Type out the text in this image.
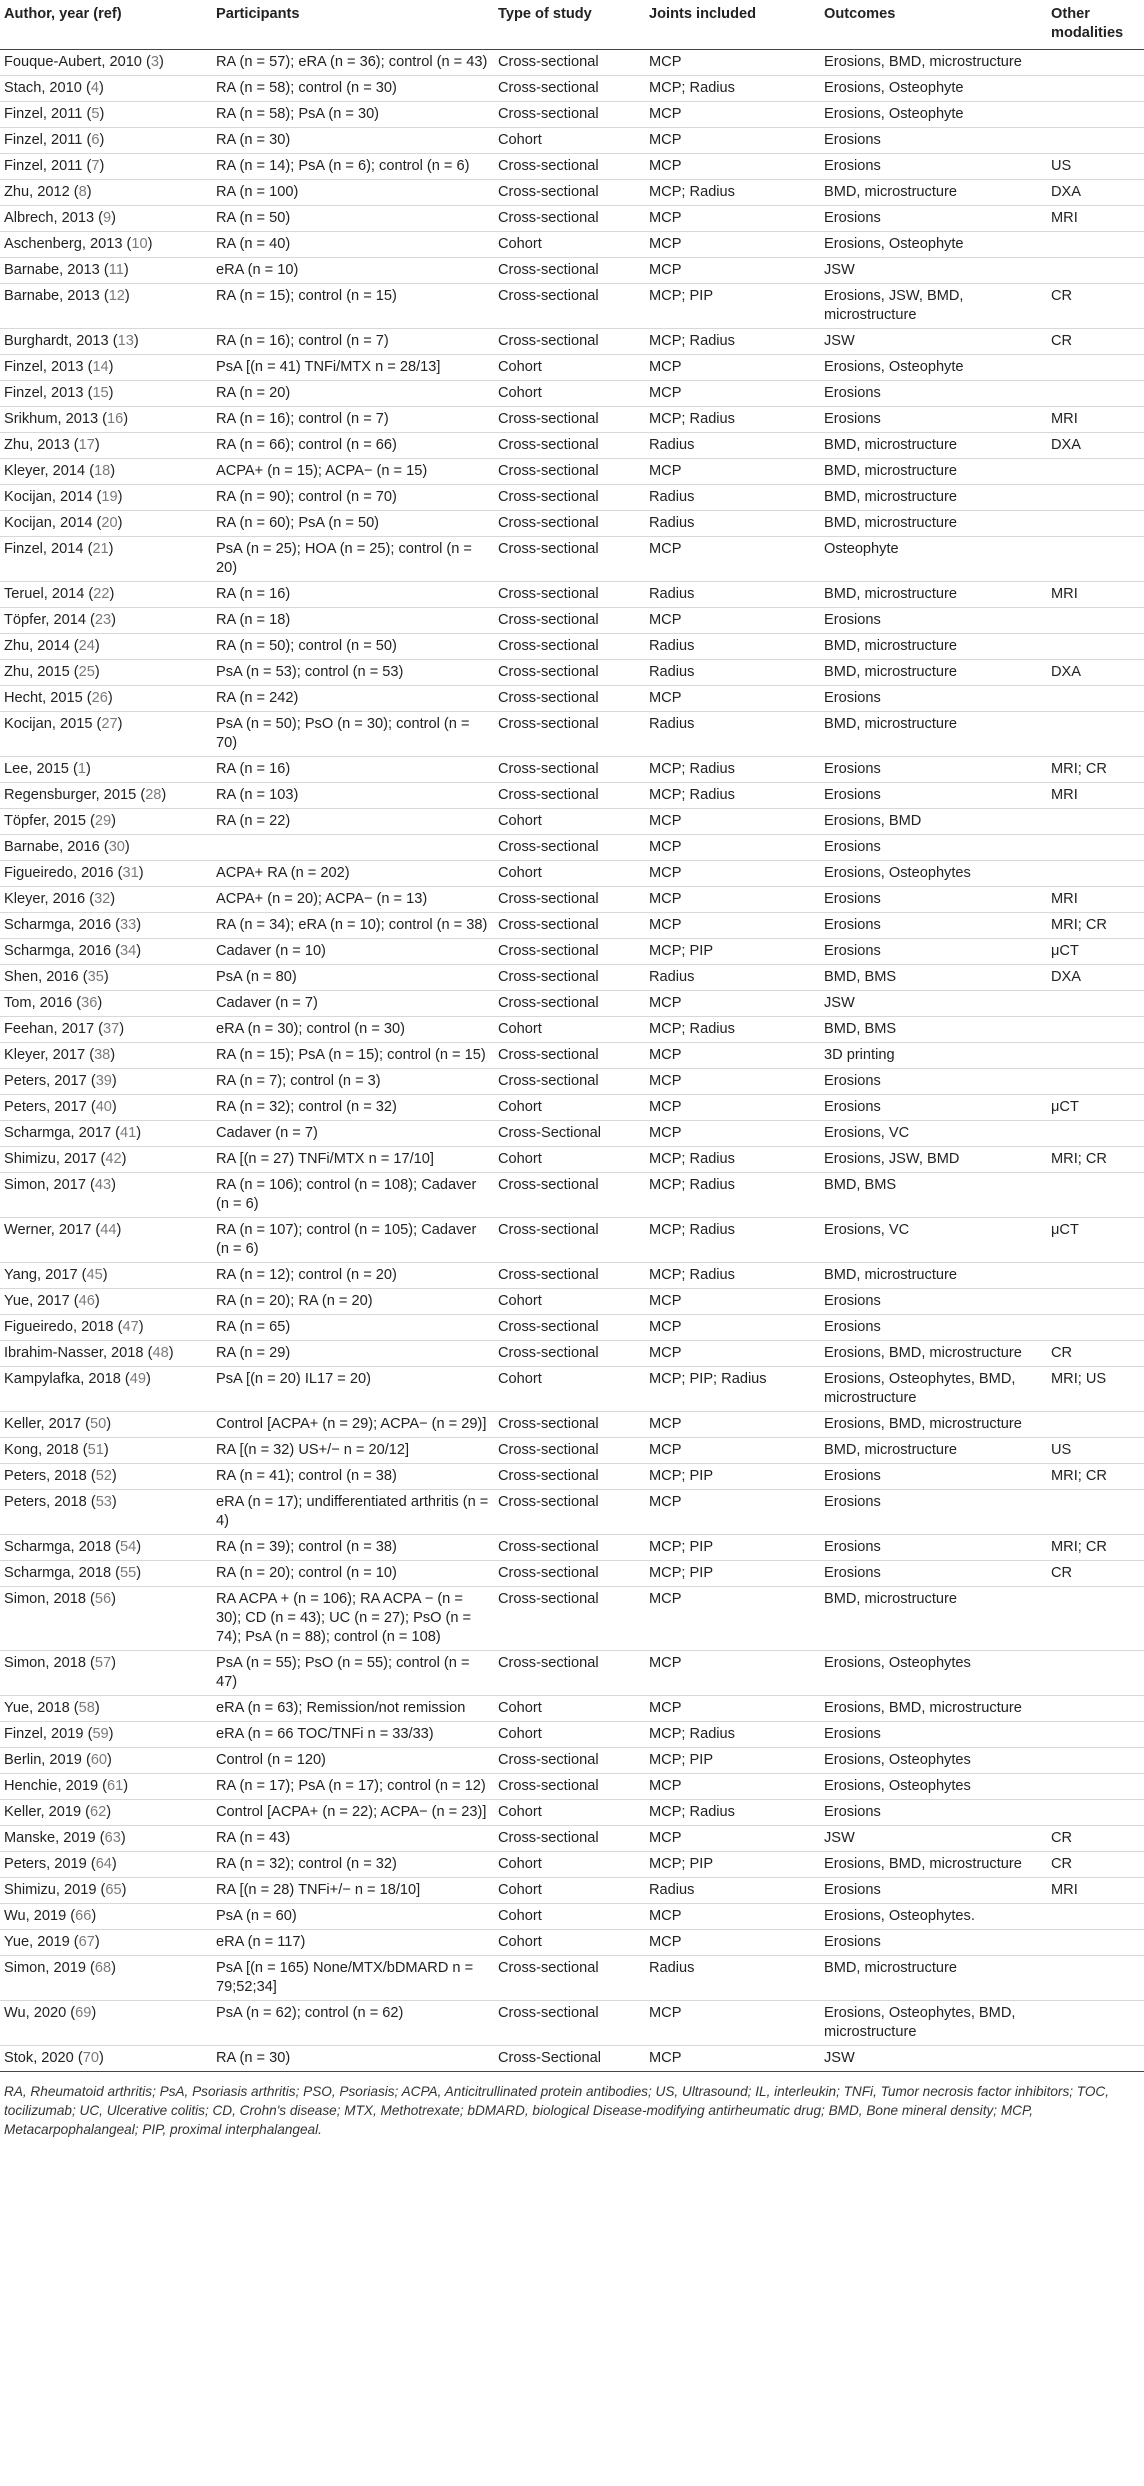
Author, year (ref)	Participants	Type of study	Joints included	Outcomes	Other modalities
Fouque-Aubert, 2010 (3)	RA (n = 57); eRA (n = 36); control (n = 43)	Cross-sectional	MCP	Erosions, BMD, microstructure	
Stach, 2010 (4)	RA (n = 58); control (n = 30)	Cross-sectional	MCP; Radius	Erosions, Osteophyte	
Finzel, 2011 (5)	RA (n = 58); PsA (n = 30)	Cross-sectional	MCP	Erosions, Osteophyte	
Finzel, 2011 (6)	RA (n = 30)	Cohort	MCP	Erosions	
Finzel, 2011 (7)	RA (n = 14); PsA (n = 6); control (n = 6)	Cross-sectional	MCP	Erosions	US
Zhu, 2012 (8)	RA (n = 100)	Cross-sectional	MCP; Radius	BMD, microstructure	DXA
Albrech, 2013 (9)	RA (n = 50)	Cross-sectional	MCP	Erosions	MRI
Aschenberg, 2013 (10)	RA (n = 40)	Cohort	MCP	Erosions, Osteophyte	
Barnabe, 2013 (11)	eRA (n = 10)	Cross-sectional	MCP	JSW	
Barnabe, 2013 (12)	RA (n = 15); control (n = 15)	Cross-sectional	MCP; PIP	Erosions, JSW, BMD, microstructure	CR
Burghardt, 2013 (13)	RA (n = 16); control (n = 7)	Cross-sectional	MCP; Radius	JSW	CR
Finzel, 2013 (14)	PsA [(n = 41) TNFi/MTX n = 28/13]	Cohort	MCP	Erosions, Osteophyte	
Finzel, 2013 (15)	RA (n = 20)	Cohort	MCP	Erosions	
Srikhum, 2013 (16)	RA (n = 16); control (n = 7)	Cross-sectional	MCP; Radius	Erosions	MRI
Zhu, 2013 (17)	RA (n = 66); control (n = 66)	Cross-sectional	Radius	BMD, microstructure	DXA
Kleyer, 2014 (18)	ACPA+ (n = 15); ACPA− (n = 15)	Cross-sectional	MCP	BMD, microstructure	
Kocijan, 2014 (19)	RA (n = 90); control (n = 70)	Cross-sectional	Radius	BMD, microstructure	
Kocijan, 2014 (20)	RA (n = 60); PsA (n = 50)	Cross-sectional	Radius	BMD, microstructure	
Finzel, 2014 (21)	PsA (n = 25); HOA (n = 25); control (n = 20)	Cross-sectional	MCP	Osteophyte	
Teruel, 2014 (22)	RA (n = 16)	Cross-sectional	Radius	BMD, microstructure	MRI
Töpfer, 2014 (23)	RA (n = 18)	Cross-sectional	MCP	Erosions	
Zhu, 2014 (24)	RA (n = 50); control (n = 50)	Cross-sectional	Radius	BMD, microstructure	
Zhu, 2015 (25)	PsA (n = 53); control (n = 53)	Cross-sectional	Radius	BMD, microstructure	DXA
Hecht, 2015 (26)	RA (n = 242)	Cross-sectional	MCP	Erosions	
Kocijan, 2015 (27)	PsA (n = 50); PsO (n = 30); control (n = 70)	Cross-sectional	Radius	BMD, microstructure	
Lee, 2015 (1)	RA (n = 16)	Cross-sectional	MCP; Radius	Erosions	MRI; CR
Regensburger, 2015 (28)	RA (n = 103)	Cross-sectional	MCP; Radius	Erosions	MRI
Töpfer, 2015 (29)	RA (n = 22)	Cohort	MCP	Erosions, BMD	
Barnabe, 2016 (30)		Cross-sectional	MCP	Erosions	
Figueiredo, 2016 (31)	ACPA+ RA (n = 202)	Cohort	MCP	Erosions, Osteophytes	
Kleyer, 2016 (32)	ACPA+ (n = 20); ACPA− (n = 13)	Cross-sectional	MCP	Erosions	MRI
Scharmga, 2016 (33)	RA (n = 34); eRA (n = 10); control (n = 38)	Cross-sectional	MCP	Erosions	MRI; CR
Scharmga, 2016 (34)	Cadaver (n = 10)	Cross-sectional	MCP; PIP	Erosions	μCT
Shen, 2016 (35)	PsA (n = 80)	Cross-sectional	Radius	BMD, BMS	DXA
Tom, 2016 (36)	Cadaver (n = 7)	Cross-sectional	MCP	JSW	
Feehan, 2017 (37)	eRA (n = 30); control (n = 30)	Cohort	MCP; Radius	BMD, BMS	
Kleyer, 2017 (38)	RA (n = 15); PsA (n = 15); control (n = 15)	Cross-sectional	MCP	3D printing	
Peters, 2017 (39)	RA (n = 7); control (n = 3)	Cross-sectional	MCP	Erosions	
Peters, 2017 (40)	RA (n = 32); control (n = 32)	Cohort	MCP	Erosions	μCT
Scharmga, 2017 (41)	Cadaver (n = 7)	Cross-Sectional	MCP	Erosions, VC	
Shimizu, 2017 (42)	RA [(n = 27) TNFi/MTX n = 17/10]	Cohort	MCP; Radius	Erosions, JSW, BMD	MRI; CR
Simon, 2017 (43)	RA (n = 106); control (n = 108); Cadaver (n = 6)	Cross-sectional	MCP; Radius	BMD, BMS	
Werner, 2017 (44)	RA (n = 107); control (n = 105); Cadaver (n = 6)	Cross-sectional	MCP; Radius	Erosions, VC	μCT
Yang, 2017 (45)	RA (n = 12); control (n = 20)	Cross-sectional	MCP; Radius	BMD, microstructure	
Yue, 2017 (46)	RA (n = 20); RA (n = 20)	Cohort	MCP	Erosions	
Figueiredo, 2018 (47)	RA (n = 65)	Cross-sectional	MCP	Erosions	
Ibrahim-Nasser, 2018 (48)	RA (n = 29)	Cross-sectional	MCP	Erosions, BMD, microstructure	CR
Kampylafka, 2018 (49)	PsA [(n = 20) IL17 = 20)	Cohort	MCP; PIP; Radius	Erosions, Osteophytes, BMD, microstructure	MRI; US
Keller, 2017 (50)	Control [ACPA+ (n = 29); ACPA− (n = 29)]	Cross-sectional	MCP	Erosions, BMD, microstructure	
Kong, 2018 (51)	RA [(n = 32) US+/− n = 20/12]	Cross-sectional	MCP	BMD, microstructure	US
Peters, 2018 (52)	RA (n = 41); control (n = 38)	Cross-sectional	MCP; PIP	Erosions	MRI; CR
Peters, 2018 (53)	eRA (n = 17); undifferentiated arthritis (n = 4)	Cross-sectional	MCP	Erosions	
Scharmga, 2018 (54)	RA (n = 39); control (n = 38)	Cross-sectional	MCP; PIP	Erosions	MRI; CR
Scharmga, 2018 (55)	RA (n = 20); control (n = 10)	Cross-sectional	MCP; PIP	Erosions	CR
Simon, 2018 (56)	RA ACPA + (n = 106); RA ACPA − (n = 30); CD (n = 43); UC (n = 27); PsO (n = 74); PsA (n = 88); control (n = 108)	Cross-sectional	MCP	BMD, microstructure	
Simon, 2018 (57)	PsA (n = 55); PsO (n = 55); control (n = 47)	Cross-sectional	MCP	Erosions, Osteophytes	
Yue, 2018 (58)	eRA (n = 63); Remission/not remission	Cohort	MCP	Erosions, BMD, microstructure	
Finzel, 2019 (59)	eRA (n = 66 TOC/TNFi n = 33/33)	Cohort	MCP; Radius	Erosions	
Berlin, 2019 (60)	Control (n = 120)	Cross-sectional	MCP; PIP	Erosions, Osteophytes	
Henchie, 2019 (61)	RA (n = 17); PsA (n = 17); control (n = 12)	Cross-sectional	MCP	Erosions, Osteophytes	
Keller, 2019 (62)	Control [ACPA+ (n = 22); ACPA− (n = 23)]	Cohort	MCP; Radius	Erosions	
Manske, 2019 (63)	RA (n = 43)	Cross-sectional	MCP	JSW	CR
Peters, 2019 (64)	RA (n = 32); control (n = 32)	Cohort	MCP; PIP	Erosions, BMD, microstructure	CR
Shimizu, 2019 (65)	RA [(n = 28) TNFi+/− n = 18/10]	Cohort	Radius	Erosions	MRI
Wu, 2019 (66)	PsA (n = 60)	Cohort	MCP	Erosions, Osteophytes.	
Yue, 2019 (67)	eRA (n = 117)	Cohort	MCP	Erosions	
Simon, 2019 (68)	PsA [(n = 165) None/MTX/bDMARD n = 79;52;34]	Cross-sectional	Radius	BMD, microstructure	
Wu, 2020 (69)	PsA (n = 62); control (n = 62)	Cross-sectional	MCP	Erosions, Osteophytes, BMD, microstructure	
Stok, 2020 (70)	RA (n = 30)	Cross-Sectional	MCP	JSW	
RA, Rheumatoid arthritis; PsA, Psoriasis arthritis; PSO, Psoriasis; ACPA, Anticitrullinated protein antibodies; US, Ultrasound; IL, interleukin; TNFi, Tumor necrosis factor inhibitors; TOC, tocilizumab; UC, Ulcerative colitis; CD, Crohn's disease; MTX, Methotrexate; bDMARD, biological Disease-modifying antirheumatic drug; BMD, Bone mineral density; MCP, Metacarpophalangeal; PIP, proximal interphalangeal.
